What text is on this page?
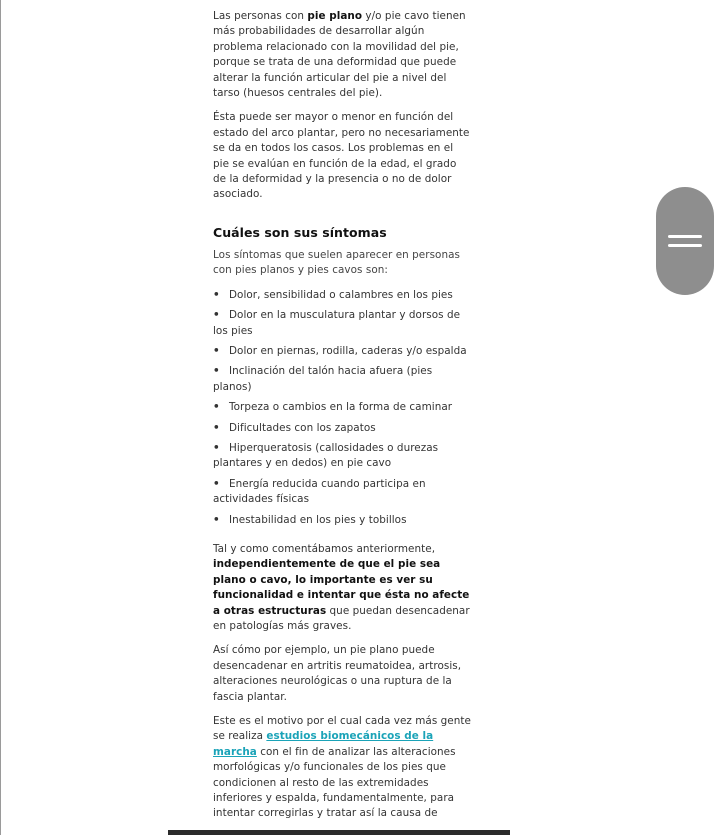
Las personas con pie plano y/o pie cavo tienen más probabilidades de desarrollar algún problema relacionado con la movilidad del pie, porque se trata de una deformidad que puede alterar la función articular del pie a nivel del tarso (huesos centrales del pie).

Ésta puede ser mayor o menor en función del estado del arco plantar, pero no necesariamente se da en todos los casos. Los problemas en el pie se evalúan en función de la edad, el grado de la deformidad y la presencia o no de dolor asociado.

Cuáles son sus síntomas

Los síntomas que suelen aparecer en personas con pies planos y pies cavos son:

• Dolor, sensibilidad o calambres en los pies
• Dolor en la musculatura plantar y dorsos de los pies
• Dolor en piernas, rodilla, caderas y/o espalda
• Inclinación del talón hacia afuera (pies planos)
• Torpeza o cambios en la forma de caminar
• Dificultades con los zapatos
• Hiperqueratosis (callosidades o durezas plantares y en dedos) en pie cavo
• Energía reducida cuando participa en actividades físicas
• Inestabilidad en los pies y tobillos

Tal y como comentábamos anteriormente, independientemente de que el pie sea plano o cavo, lo importante es ver su funcionalidad e intentar que ésta no afecte a otras estructuras que puedan desencadenar en patologías más graves.

Así cómo por ejemplo, un pie plano puede desencadenar en artritis reumatoidea, artrosis, alteraciones neurológicas o una ruptura de la fascia plantar.

Este es el motivo por el cual cada vez más gente se realiza estudios biomecánicos de la marcha con el fin de analizar las alteraciones morfológicas y/o funcionales de los pies que condicionen al resto de las extremidades inferiores y espalda, fundamentalmente, para intentar corregirlas y tratar así la causa de
